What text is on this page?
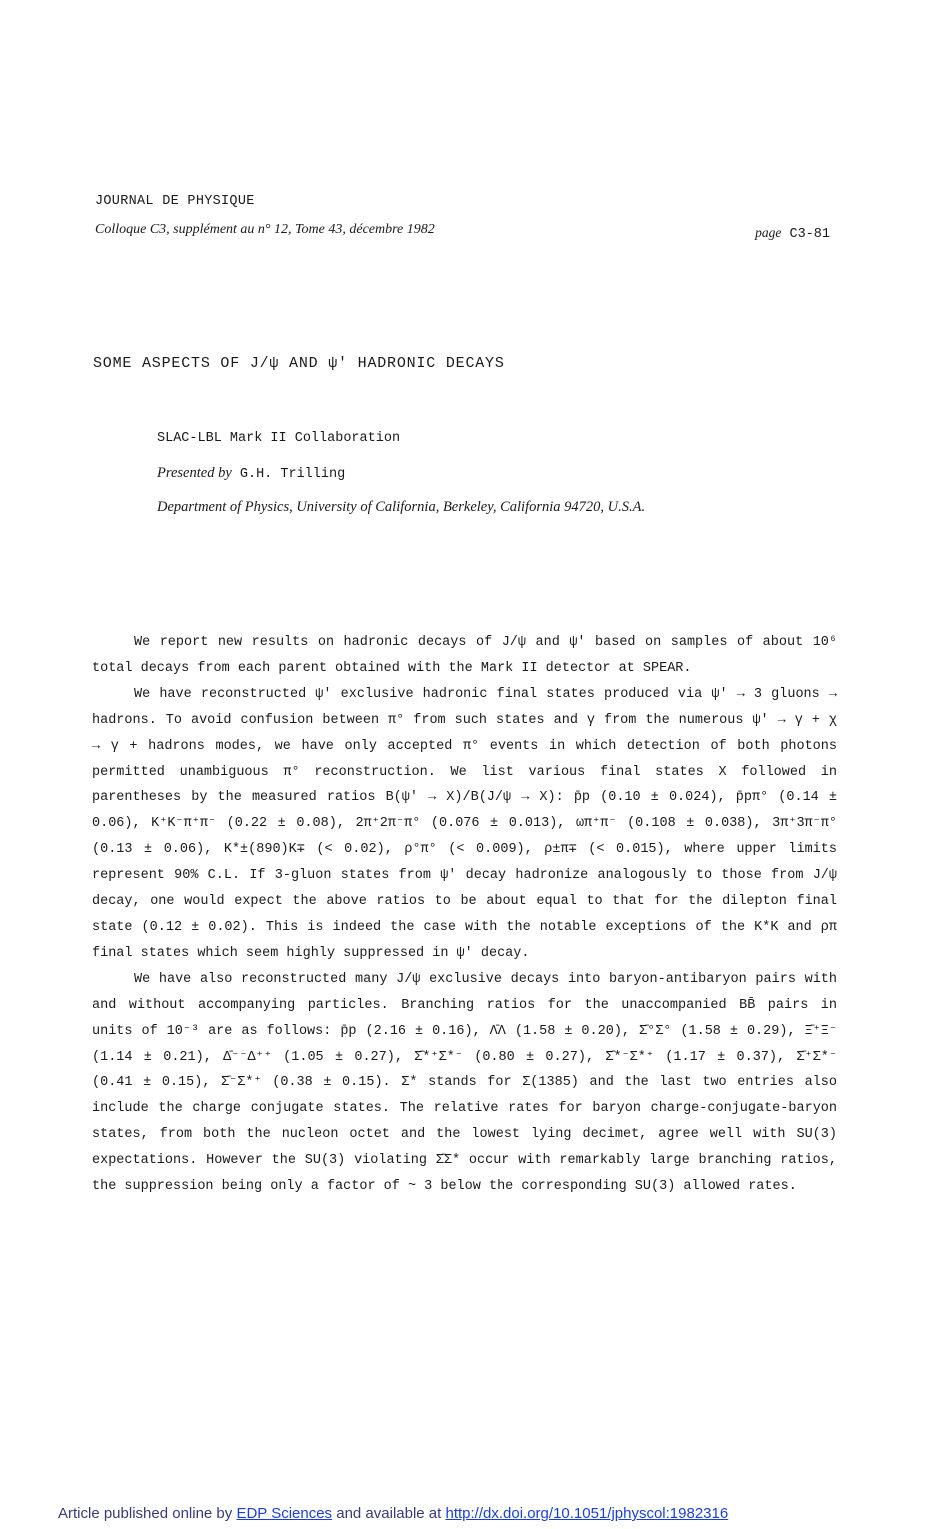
JOURNAL DE PHYSIQUE
Colloque C3, supplément au n° 12, Tome 43, décembre 1982	page C3-81
SOME ASPECTS OF J/ψ AND ψ' HADRONIC DECAYS
SLAC-LBL Mark II Collaboration
Presented by G.H. Trilling
Department of Physics, University of California, Berkeley, California 94720, U.S.A.

We report new results on hadronic decays of J/ψ and ψ' based on samples of about 10⁶ total decays from each parent obtained with the Mark II detector at SPEAR.

We have reconstructed ψ' exclusive hadronic final states produced via ψ' → 3 gluons → hadrons. To avoid confusion between π° from such states and γ from the numerous ψ' → γ + χ → γ + hadrons modes, we have only accepted π° events in which detection of both photons permitted unambiguous π° reconstruction. We list various final states X followed in parentheses by the measured ratios B(ψ' → X)/B(J/ψ → X): p̄p (0.10 ± 0.024), p̄pπ° (0.14 ± 0.06), K⁺K⁻π⁺π⁻ (0.22 ± 0.08), 2π⁺2π⁻π° (0.076 ± 0.013), ωπ⁺π⁻ (0.108 ± 0.038), 3π⁺3π⁻π° (0.13 ± 0.06), K*±(890)K∓ (< 0.02), ρ°π° (< 0.009), ρ±π∓ (< 0.015), where upper limits represent 90% C.L. If 3-gluon states from ψ' decay hadronize analogously to those from J/ψ decay, one would expect the above ratios to be about equal to that for the dilepton final state (0.12 ± 0.02). This is indeed the case with the notable exceptions of the K*K and ρπ final states which seem highly suppressed in ψ' decay.

We have also reconstructed many J/ψ exclusive decays into baryon-antibaryon pairs with and without accompanying particles. Branching ratios for the unaccompanied BB̄ pairs in units of 10⁻³ are as follows: p̄p (2.16 ± 0.16), Λ̄Λ (1.58 ± 0.20), Σ̄°Σ° (1.58 ± 0.29), Ξ̄⁺Ξ⁻ (1.14 ± 0.21), Δ̄⁻⁻Δ⁺⁺ (1.05 ± 0.27), Σ̄*⁺Σ*⁻ (0.80 ± 0.27), Σ̄*⁻Σ*⁺ (1.17 ± 0.37), Σ̄⁺Σ*⁻ (0.41 ± 0.15), Σ̄⁻Σ*⁺ (0.38 ± 0.15). Σ* stands for Σ(1385) and the last two entries also include the charge conjugate states. The relative rates for baryon charge-conjugate-baryon states, from both the nucleon octet and the lowest lying decimet, agree well with SU(3) expectations. However the SU(3) violating Σ̄Σ* occur with remarkably large branching ratios, the suppression being only a factor of ~ 3 below the corresponding SU(3) allowed rates.

Article published online by EDP Sciences and available at http://dx.doi.org/10.1051/jphyscol:1982316
